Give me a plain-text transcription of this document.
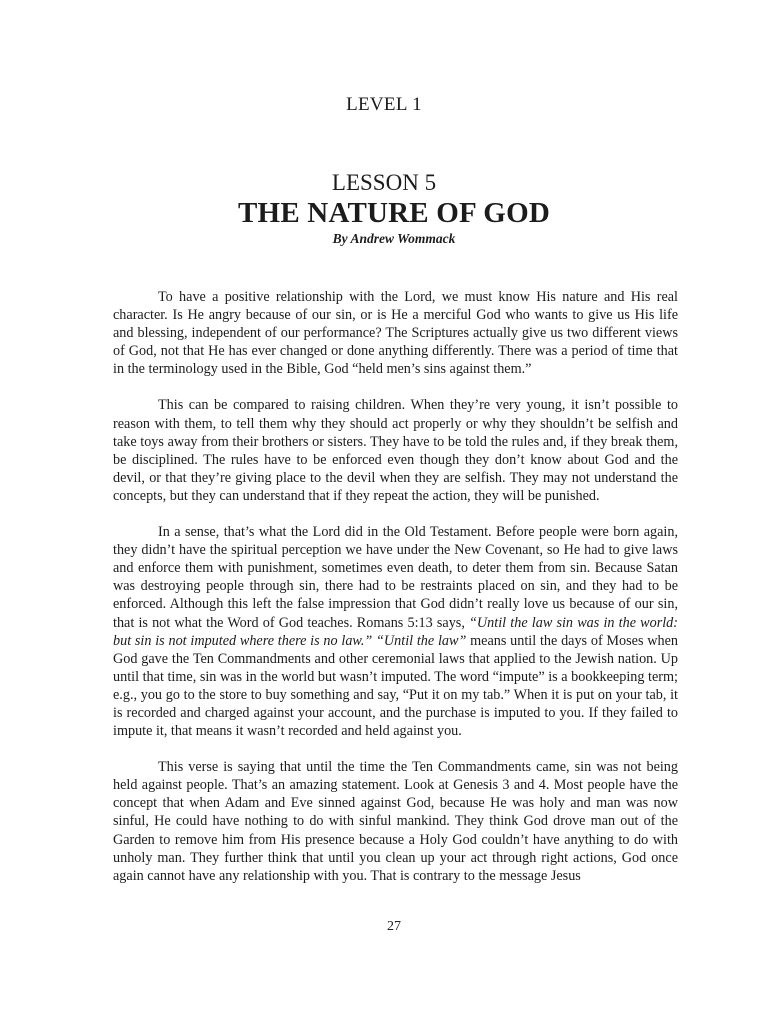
LEVEL 1
LESSON 5
THE NATURE OF GOD
By Andrew Wommack

To have a positive relationship with the Lord, we must know His nature and His real character. Is He angry because of our sin, or is He a merciful God who wants to give us His life and blessing, independent of our performance? The Scriptures actually give us two different views of God, not that He has ever changed or done anything differently. There was a period of time that in the terminology used in the Bible, God “held men’s sins against them.”

This can be compared to raising children. When they’re very young, it isn’t possible to reason with them, to tell them why they should act properly or why they shouldn’t be selfish and take toys away from their brothers or sisters. They have to be told the rules and, if they break them, be disciplined. The rules have to be enforced even though they don’t know about God and the devil, or that they’re giving place to the devil when they are selfish. They may not understand the concepts, but they can understand that if they repeat the action, they will be punished.

In a sense, that’s what the Lord did in the Old Testament. Before people were born again, they didn’t have the spiritual perception we have under the New Covenant, so He had to give laws and enforce them with punishment, sometimes even death, to deter them from sin. Because Satan was destroying people through sin, there had to be restraints placed on sin, and they had to be enforced. Although this left the false impression that God didn’t really love us because of our sin, that is not what the Word of God teaches. Romans 5:13 says, “Until the law sin was in the world: but sin is not imputed where there is no law.” “Until the law” means until the days of Moses when God gave the Ten Commandments and other ceremonial laws that applied to the Jewish nation. Up until that time, sin was in the world but wasn’t imputed. The word “impute” is a bookkeeping term; e.g., you go to the store to buy something and say, “Put it on my tab.” When it is put on your tab, it is recorded and charged against your account, and the purchase is imputed to you. If they failed to impute it, that means it wasn’t recorded and held against you.

This verse is saying that until the time the Ten Commandments came, sin was not being held against people. That’s an amazing statement. Look at Genesis 3 and 4. Most people have the concept that when Adam and Eve sinned against God, because He was holy and man was now sinful, He could have nothing to do with sinful mankind. They think God drove man out of the Garden to remove him from His presence because a Holy God couldn’t have anything to do with unholy man. They further think that until you clean up your act through right actions, God once again cannot have any relationship with you. That is contrary to the message Jesus

27
